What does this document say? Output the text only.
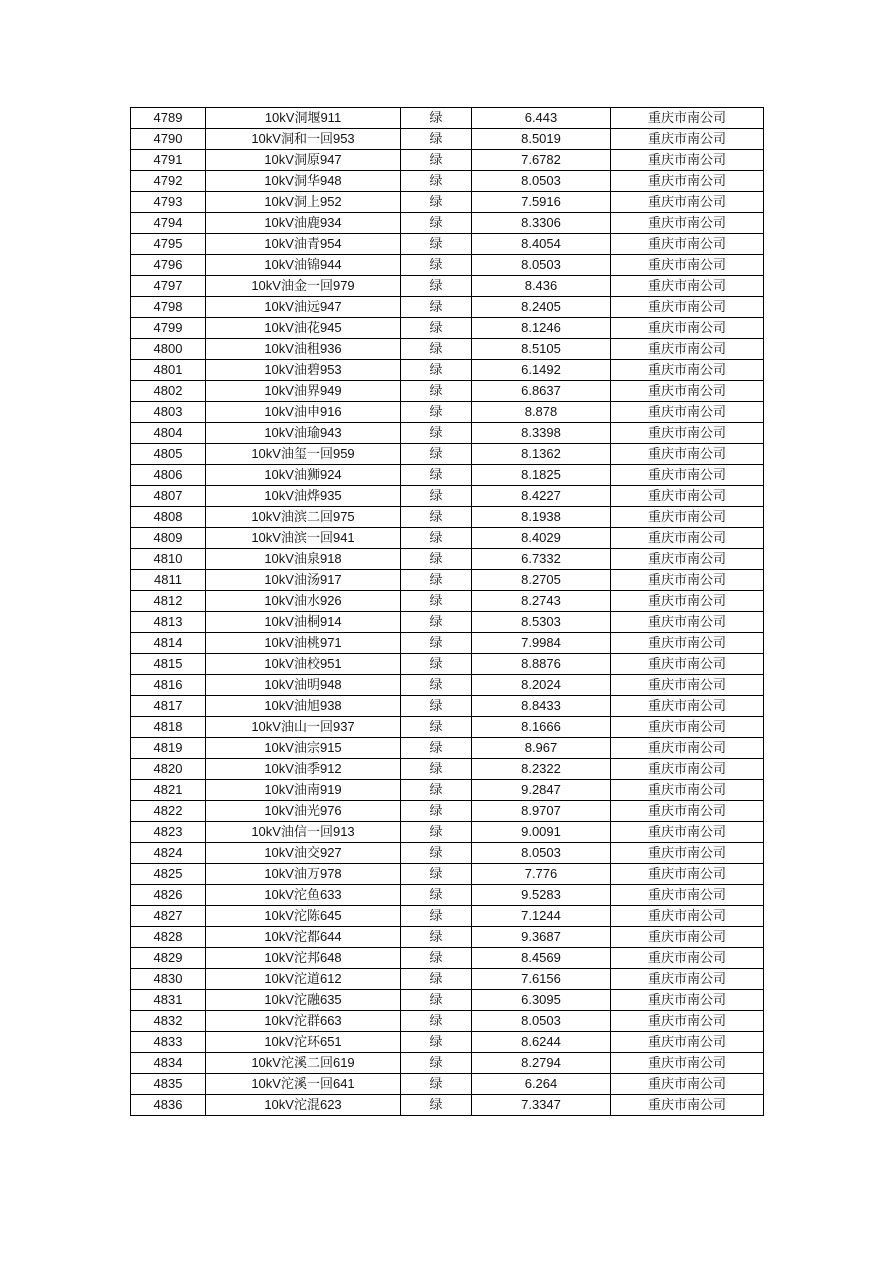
4789	10kV洞堰911	绿	6.443	重庆市南公司
4790	10kV洞和一回953	绿	8.5019	重庆市南公司
4791	10kV洞原947	绿	7.6782	重庆市南公司
4792	10kV洞华948	绿	8.0503	重庆市南公司
4793	10kV洞上952	绿	7.5916	重庆市南公司
4794	10kV油鹿934	绿	8.3306	重庆市南公司
4795	10kV油青954	绿	8.4054	重庆市南公司
4796	10kV油锦944	绿	8.0503	重庆市南公司
4797	10kV油金一回979	绿	8.436	重庆市南公司
4798	10kV油远947	绿	8.2405	重庆市南公司
4799	10kV油花945	绿	8.1246	重庆市南公司
4800	10kV油租936	绿	8.5105	重庆市南公司
4801	10kV油碧953	绿	6.1492	重庆市南公司
4802	10kV油界949	绿	6.8637	重庆市南公司
4803	10kV油申916	绿	8.878	重庆市南公司
4804	10kV油瑜943	绿	8.3398	重庆市南公司
4805	10kV油玺一回959	绿	8.1362	重庆市南公司
4806	10kV油狮924	绿	8.1825	重庆市南公司
4807	10kV油烨935	绿	8.4227	重庆市南公司
4808	10kV油滨二回975	绿	8.1938	重庆市南公司
4809	10kV油滨一回941	绿	8.4029	重庆市南公司
4810	10kV油泉918	绿	6.7332	重庆市南公司
4811	10kV油汤917	绿	8.2705	重庆市南公司
4812	10kV油水926	绿	8.2743	重庆市南公司
4813	10kV油桐914	绿	8.5303	重庆市南公司
4814	10kV油桃971	绿	7.9984	重庆市南公司
4815	10kV油校951	绿	8.8876	重庆市南公司
4816	10kV油明948	绿	8.2024	重庆市南公司
4817	10kV油旭938	绿	8.8433	重庆市南公司
4818	10kV油山一回937	绿	8.1666	重庆市南公司
4819	10kV油宗915	绿	8.967	重庆市南公司
4820	10kV油季912	绿	8.2322	重庆市南公司
4821	10kV油南919	绿	9.2847	重庆市南公司
4822	10kV油光976	绿	8.9707	重庆市南公司
4823	10kV油信一回913	绿	9.0091	重庆市南公司
4824	10kV油交927	绿	8.0503	重庆市南公司
4825	10kV油万978	绿	7.776	重庆市南公司
4826	10kV沱鱼633	绿	9.5283	重庆市南公司
4827	10kV沱陈645	绿	7.1244	重庆市南公司
4828	10kV沱都644	绿	9.3687	重庆市南公司
4829	10kV沱邦648	绿	8.4569	重庆市南公司
4830	10kV沱道612	绿	7.6156	重庆市南公司
4831	10kV沱融635	绿	6.3095	重庆市南公司
4832	10kV沱群663	绿	8.0503	重庆市南公司
4833	10kV沱环651	绿	8.6244	重庆市南公司
4834	10kV沱溪二回619	绿	8.2794	重庆市南公司
4835	10kV沱溪一回641	绿	6.264	重庆市南公司
4836	10kV沱混623	绿	7.3347	重庆市南公司
